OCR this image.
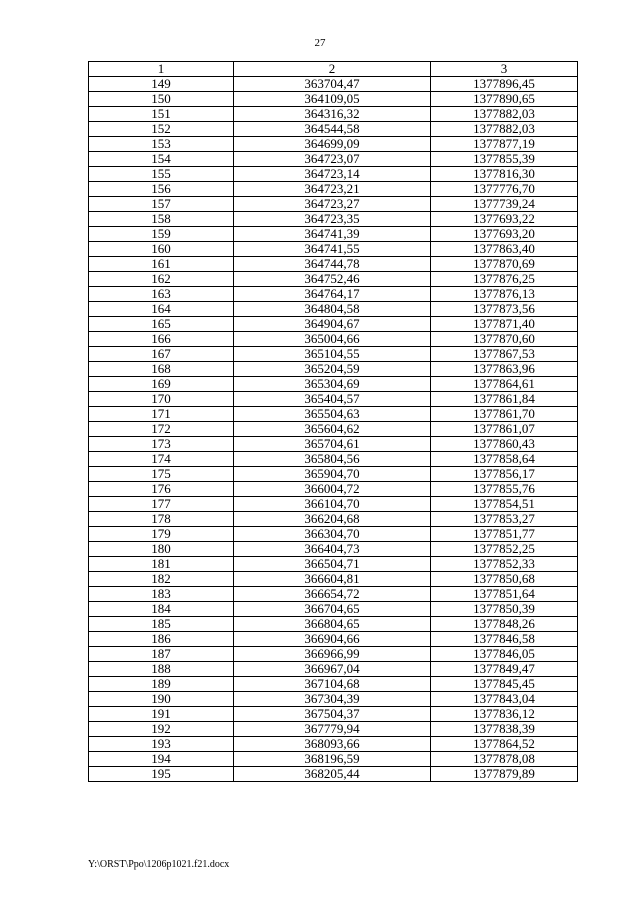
27
1	2	3
149	363704,47	1377896,45
150	364109,05	1377890,65
151	364316,32	1377882,03
152	364544,58	1377882,03
153	364699,09	1377877,19
154	364723,07	1377855,39
155	364723,14	1377816,30
156	364723,21	1377776,70
157	364723,27	1377739,24
158	364723,35	1377693,22
159	364741,39	1377693,20
160	364741,55	1377863,40
161	364744,78	1377870,69
162	364752,46	1377876,25
163	364764,17	1377876,13
164	364804,58	1377873,56
165	364904,67	1377871,40
166	365004,66	1377870,60
167	365104,55	1377867,53
168	365204,59	1377863,96
169	365304,69	1377864,61
170	365404,57	1377861,84
171	365504,63	1377861,70
172	365604,62	1377861,07
173	365704,61	1377860,43
174	365804,56	1377858,64
175	365904,70	1377856,17
176	366004,72	1377855,76
177	366104,70	1377854,51
178	366204,68	1377853,27
179	366304,70	1377851,77
180	366404,73	1377852,25
181	366504,71	1377852,33
182	366604,81	1377850,68
183	366654,72	1377851,64
184	366704,65	1377850,39
185	366804,65	1377848,26
186	366904,66	1377846,58
187	366966,99	1377846,05
188	366967,04	1377849,47
189	367104,68	1377845,45
190	367304,39	1377843,04
191	367504,37	1377836,12
192	367779,94	1377838,39
193	368093,66	1377864,52
194	368196,59	1377878,08
195	368205,44	1377879,89
Y:\ORST\Ppo\1206p1021.f21.docx
